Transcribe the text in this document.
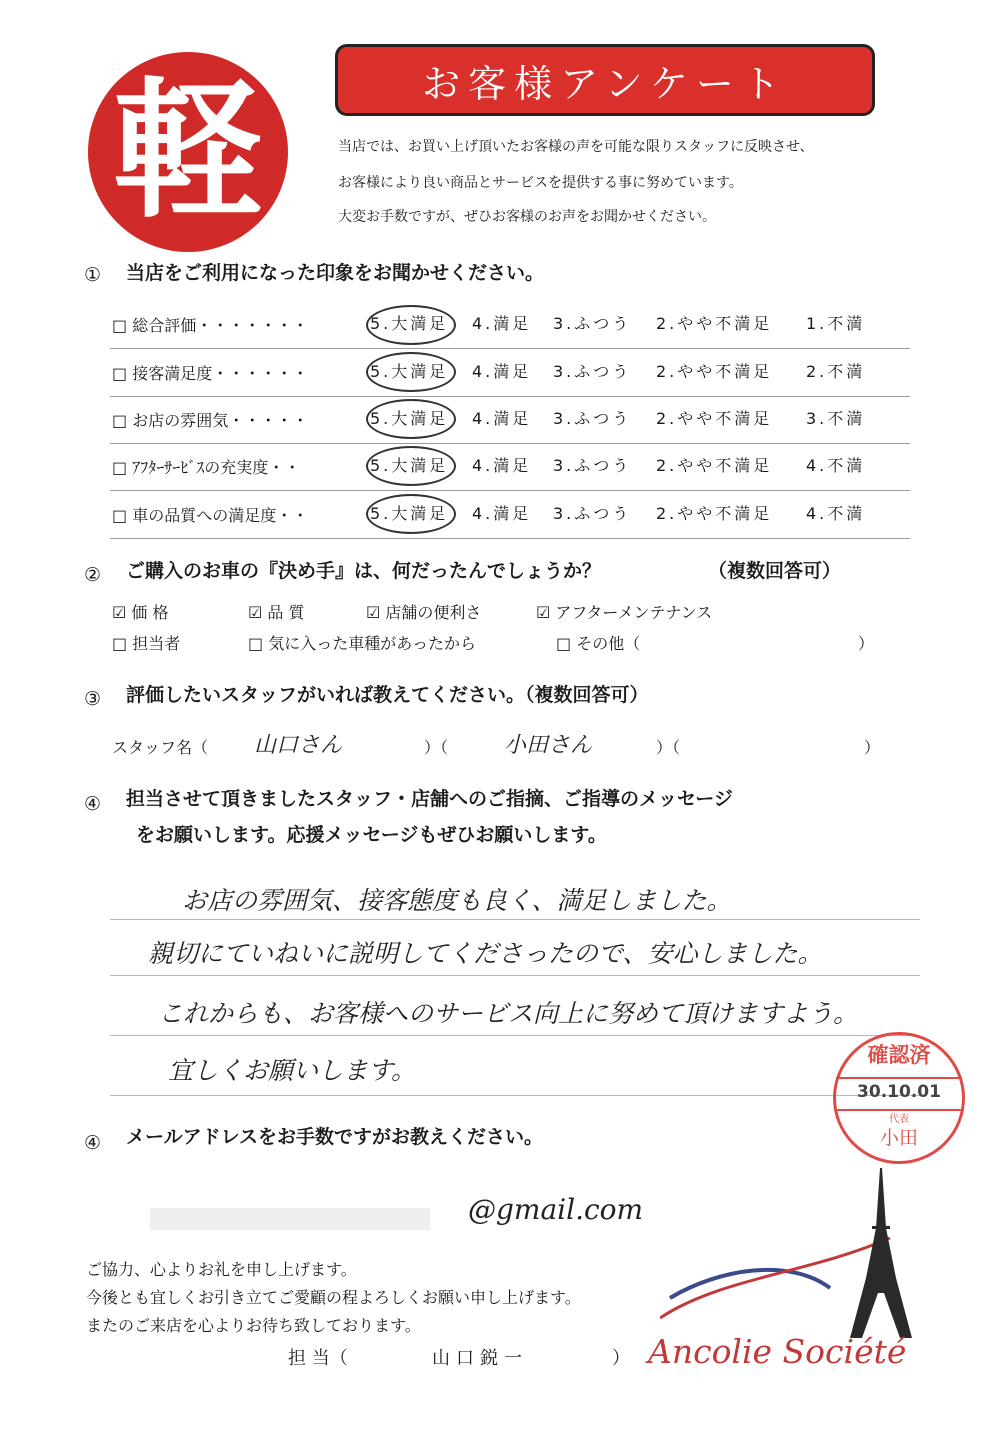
軽	お客様アンケート
当店では、お買い上げ頂いたお客様の声を可能な限りスタッフに反映させ、
お客様により良い商品とサービスを提供する事に努めています。
大変お手数ですが、ぜひお客様のお声をお聞かせください。
① 当店をご利用になった印象をお聞かせください。
□ 総合評価・・・・・・・	5.大満足 4.満足 3.ふつう 2.やや不満足 1.不満
□ 接客満足度・・・・・・	5.大満足 4.満足 3.ふつう 2.やや不満足 2.不満
□ お店の雰囲気・・・・・	5.大満足 4.満足 3.ふつう 2.やや不満足 3.不満
□ ｱﾌﾀｰｻｰﾋﾞｽの充実度・・	5.大満足 4.満足 3.ふつう 2.やや不満足 4.不満
□ 車の品質への満足度・・	5.大満足 4.満足 3.ふつう 2.やや不満足 4.不満
② ご購入のお車の『決め手』は、何だったんでしょうか？	（複数回答可）
☑ 価 格	☑ 品 質	☑ 店舗の便利さ	☑ アフターメンテナンス
□ 担当者	□ 気に入った車種があったから	□ その他（	）
③ 評価したいスタッフがいれば教えてください。（複数回答可）
スタッフ名（ 山口さん	）（	小田さん	）（	）
④ 担当させて頂きましたスタッフ・店舗へのご指摘、ご指導のメッセージ
をお願いします。応援メッセージもぜひお願いします。
お店の雰囲気、接客態度も良く、満足しました。
親切にていねいに説明してくださったので、安心しました。
これからも、お客様へのサービス向上に努めて頂けますよう。
宜しくお願いします。
確認済
30.10.01
代表
小田
④ メールアドレスをお手数ですがお教えください。
@gmail.com
ご協力、心よりお礼を申し上げます。
今後とも宜しくお引き立てご愛顧の程よろしくお願い申し上げます。
またのご来店を心よりお待ち致しております。
担 当（	山口鋭一	） Ancolie Société
